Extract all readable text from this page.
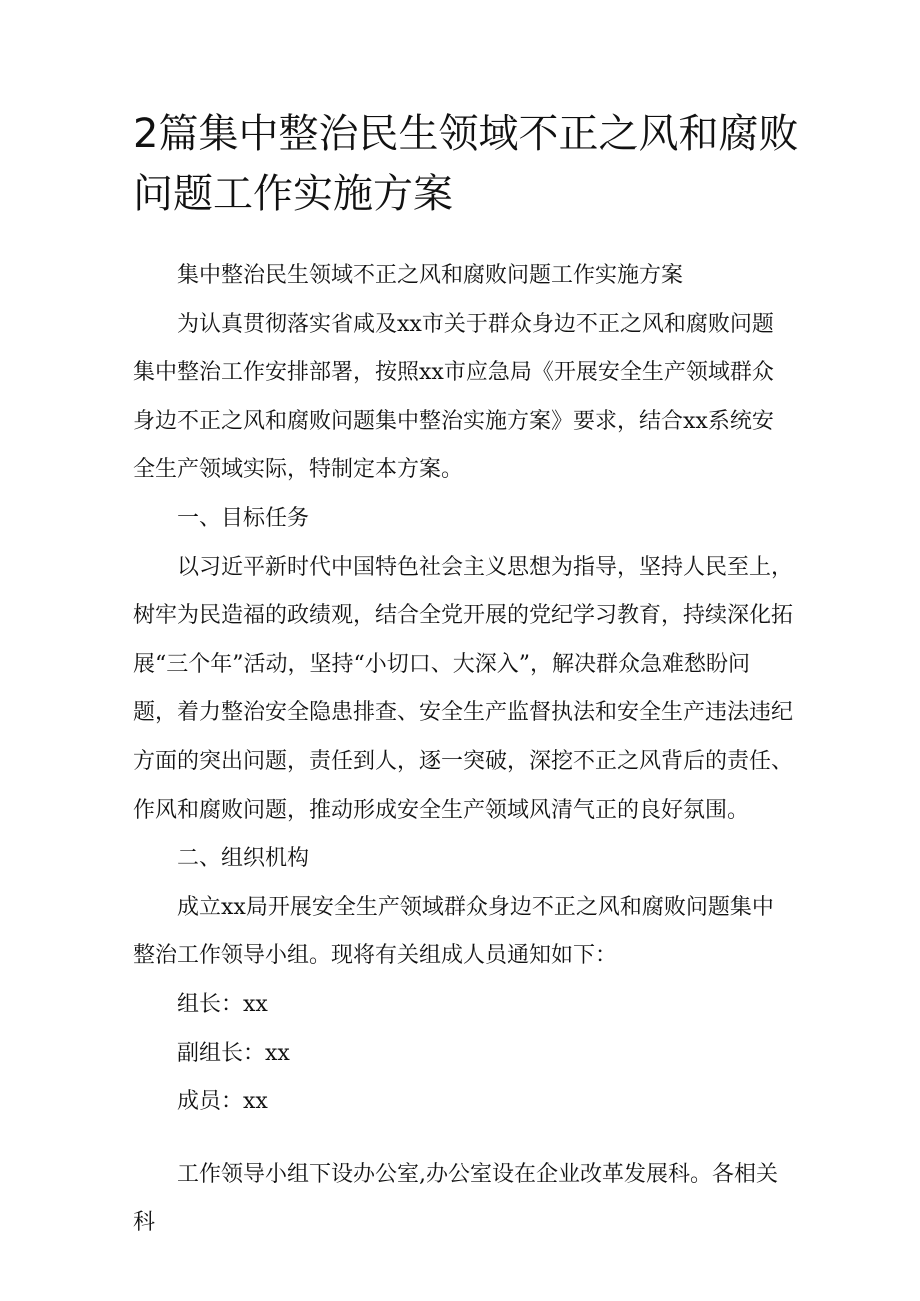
2篇集中整治民生领域不正之风和腐败问题工作实施方案

集中整治民生领域不正之风和腐败问题工作实施方案

为认真贯彻落实省咸及xx市关于群众身边不正之风和腐败问题集中整治工作安排部署，按照xx市应急局《开展安全生产领域群众身边不正之风和腐败问题集中整治实施方案》要求，结合xx系统安全生产领域实际，特制定本方案。

一、目标任务

以习近平新时代中国特色社会主义思想为指导，坚持人民至上，树牢为民造福的政绩观，结合全党开展的党纪学习教育，持续深化拓展“三个年”活动，坚持“小切口、大深入”，解决群众急难愁盼问题，着力整治安全隐患排查、安全生产监督执法和安全生产违法违纪方面的突出问题，责任到人，逐一突破，深挖不正之风背后的责任、作风和腐败问题，推动形成安全生产领域风清气正的良好氛围。

二、组织机构

成立xx局开展安全生产领域群众身边不正之风和腐败问题集中整治工作领导小组。现将有关组成人员通知如下：

组长：xx

副组长：xx

成员：xx

工作领导小组下设办公室,办公室设在企业改革发展科。各相关科
